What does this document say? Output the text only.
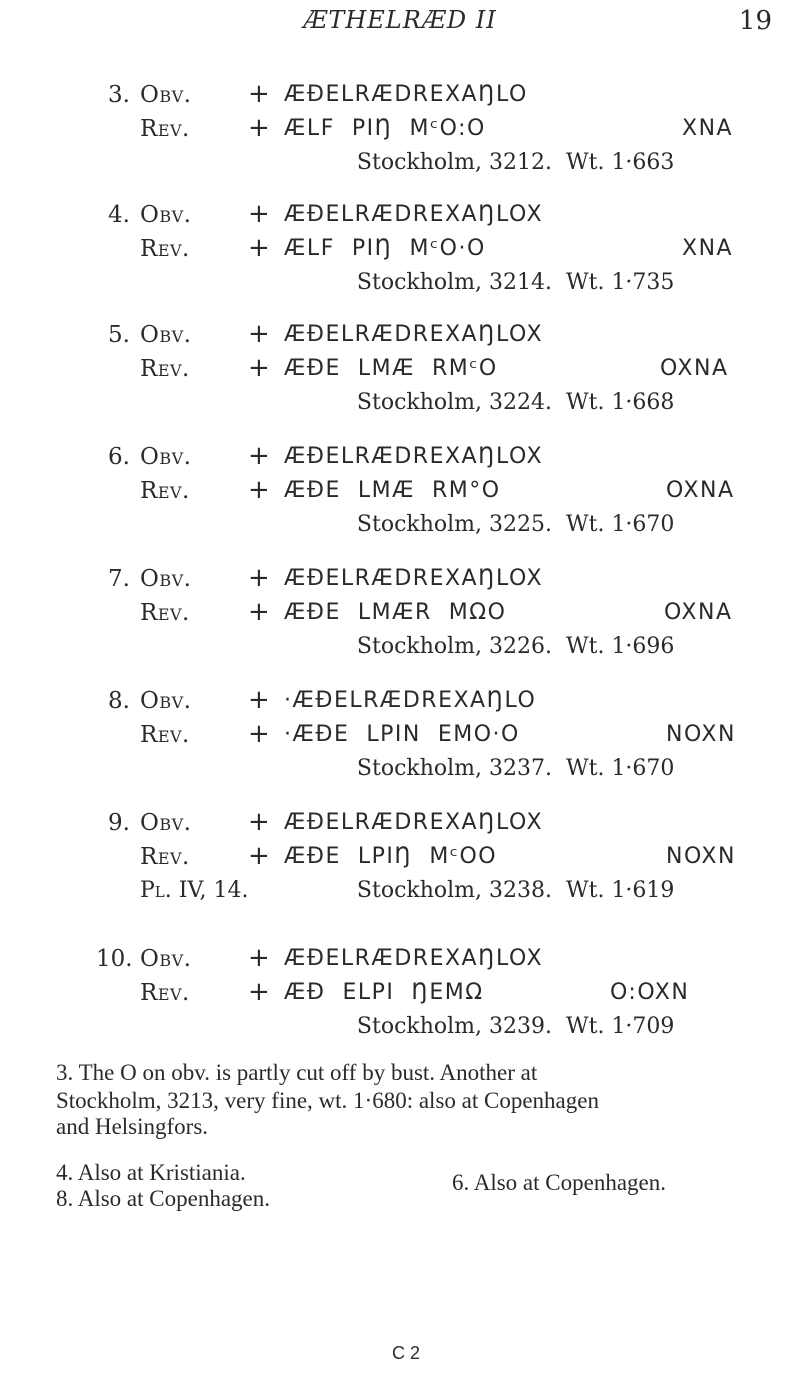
ÆTHELRÆD II	19
3. Obv. + ÆÐELRÆDREXAŊLO
Rev. + ÆLF  PIŊ  MᶜO:O	XNA
Stockholm, 3212. Wt. 1·663
4. Obv. + ÆÐELRÆDREXAŊLOX
Rev. + ÆLF  PIŊ  MᶜO·O	XNA
Stockholm, 3214. Wt. 1·735
5. Obv. + ÆÐELRÆDREXAŊLOX
Rev. + ÆÐE  LMÆ  RMᶜO	OXNA
Stockholm, 3224. Wt. 1·668
6. Obv. + ÆÐELRÆDREXAŊLOX
Rev. + ÆÐE  LMÆ  RM°O	OXNA
Stockholm, 3225. Wt. 1·670
7. Obv. + ÆÐELRÆDREXAŊLOX
Rev. + ÆÐE  LMÆR  MΩO	OXNA
Stockholm, 3226. Wt. 1·696
8. Obv. + ·ÆÐELRÆDREXAŊLO
Rev. + ·ÆÐE  LPIN  EMO·O	NOXN
Stockholm, 3237. Wt. 1·670
9. Obv. + ÆÐELRÆDREXAŊLOX
Rev. + ÆÐE  LPIŊ  MᶜOO	NOXN
Pl. IV, 14.	Stockholm, 3238. Wt. 1·619
10. Obv. + ÆÐELRÆDREXAŊLOX
Rev. + ÆÐ  ELPI  ŊEMΩ	O:OXN
Stockholm, 3239. Wt. 1·709
3. The O on obv. is partly cut off by bust. Another at
Stockholm, 3213, very fine, wt. 1·680: also at Copenhagen
and Helsingfors.
4. Also at Kristiania.	6. Also at Copenhagen.
8. Also at Copenhagen.
C 2
